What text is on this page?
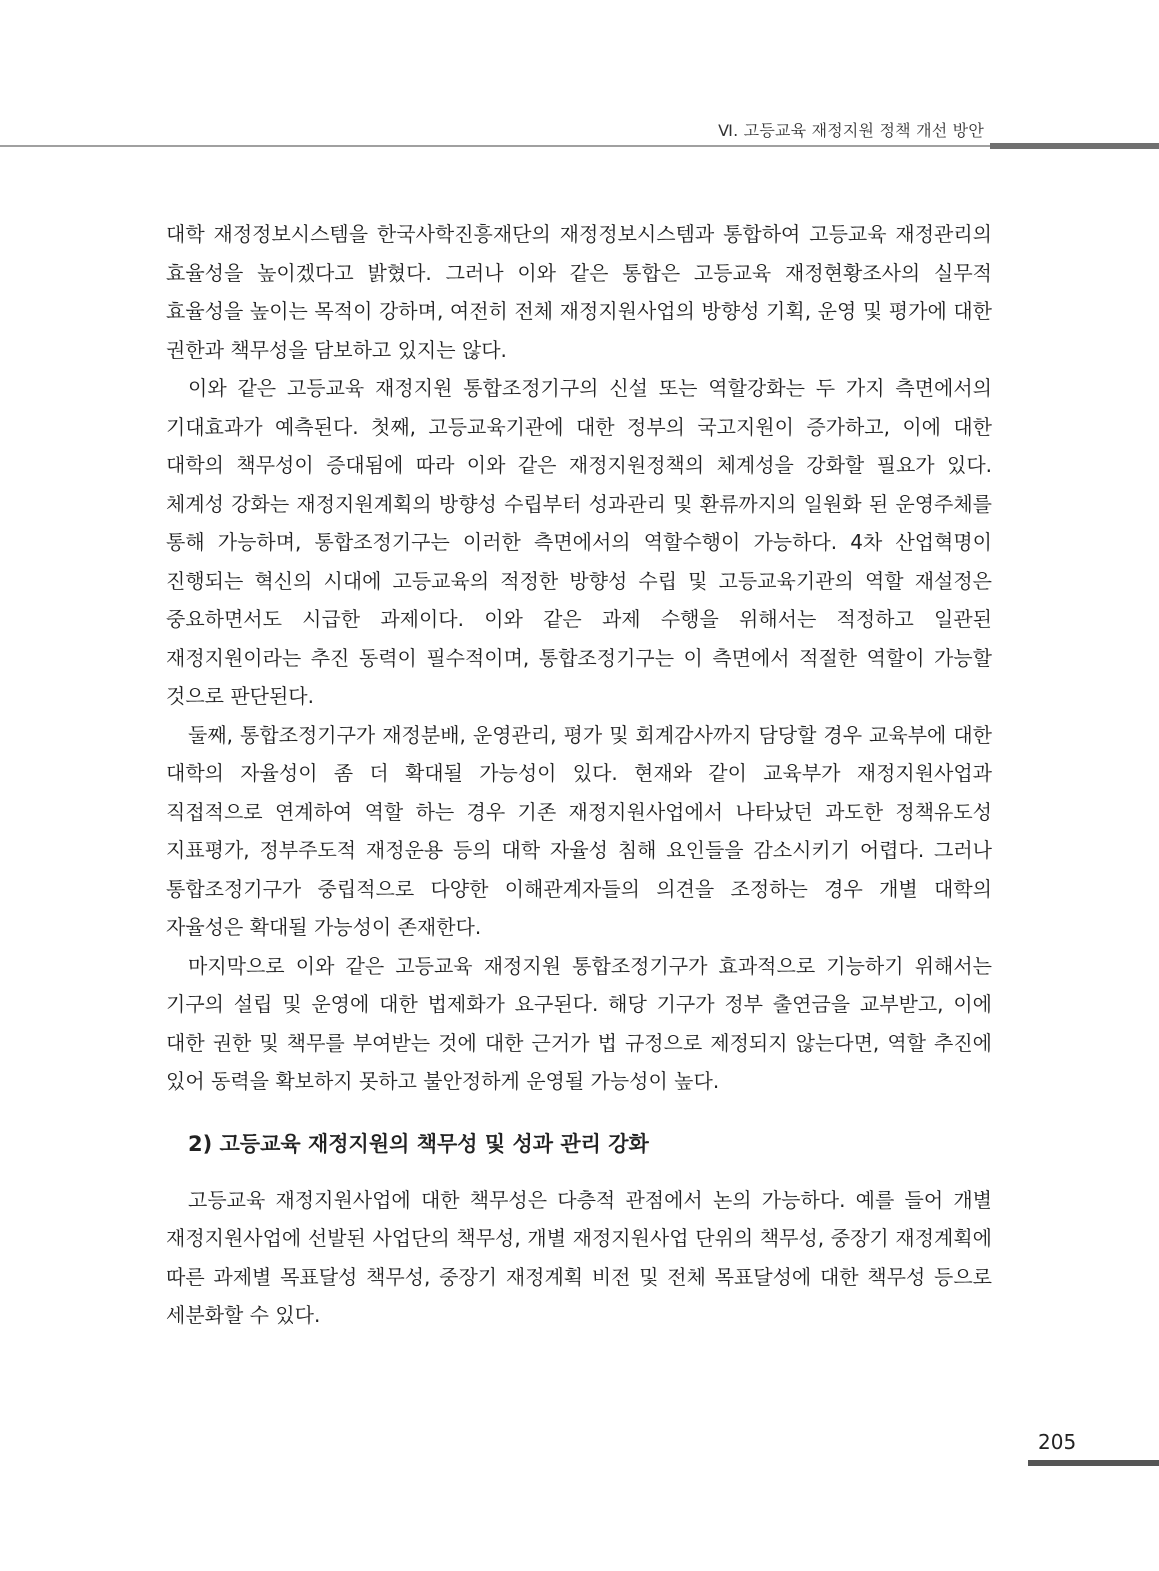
Ⅵ. 고등교육 재정지원 정책 개선 방안

대학 재정정보시스템을 한국사학진흥재단의 재정정보시스템과 통합하여 고등교육 재정관리의 효율성을 높이겠다고 밝혔다. 그러나 이와 같은 통합은 고등교육 재정현황조사의 실무적 효율성을 높이는 목적이 강하며, 여전히 전체 재정지원사업의 방향성 기획, 운영 및 평가에 대한 권한과 책무성을 담보하고 있지는 않다.

이와 같은 고등교육 재정지원 통합조정기구의 신설 또는 역할강화는 두 가지 측면에서의 기대효과가 예측된다. 첫째, 고등교육기관에 대한 정부의 국고지원이 증가하고, 이에 대한 대학의 책무성이 증대됨에 따라 이와 같은 재정지원정책의 체계성을 강화할 필요가 있다. 체계성 강화는 재정지원계획의 방향성 수립부터 성과관리 및 환류까지의 일원화 된 운영주체를 통해 가능하며, 통합조정기구는 이러한 측면에서의 역할수행이 가능하다. 4차 산업혁명이 진행되는 혁신의 시대에 고등교육의 적정한 방향성 수립 및 고등교육기관의 역할 재설정은 중요하면서도 시급한 과제이다. 이와 같은 과제 수행을 위해서는 적정하고 일관된 재정지원이라는 추진 동력이 필수적이며, 통합조정기구는 이 측면에서 적절한 역할이 가능할 것으로 판단된다.

둘째, 통합조정기구가 재정분배, 운영관리, 평가 및 회계감사까지 담당할 경우 교육부에 대한 대학의 자율성이 좀 더 확대될 가능성이 있다. 현재와 같이 교육부가 재정지원사업과 직접적으로 연계하여 역할 하는 경우 기존 재정지원사업에서 나타났던 과도한 정책유도성 지표평가, 정부주도적 재정운용 등의 대학 자율성 침해 요인들을 감소시키기 어렵다. 그러나 통합조정기구가 중립적으로 다양한 이해관계자들의 의견을 조정하는 경우 개별 대학의 자율성은 확대될 가능성이 존재한다.

마지막으로 이와 같은 고등교육 재정지원 통합조정기구가 효과적으로 기능하기 위해서는 기구의 설립 및 운영에 대한 법제화가 요구된다. 해당 기구가 정부 출연금을 교부받고, 이에 대한 권한 및 책무를 부여받는 것에 대한 근거가 법 규정으로 제정되지 않는다면, 역할 추진에 있어 동력을 확보하지 못하고 불안정하게 운영될 가능성이 높다.

2) 고등교육 재정지원의 책무성 및 성과 관리 강화

고등교육 재정지원사업에 대한 책무성은 다층적 관점에서 논의 가능하다. 예를 들어 개별 재정지원사업에 선발된 사업단의 책무성, 개별 재정지원사업 단위의 책무성, 중장기 재정계획에 따른 과제별 목표달성 책무성, 중장기 재정계획 비전 및 전체 목표달성에 대한 책무성 등으로 세분화할 수 있다.

205
